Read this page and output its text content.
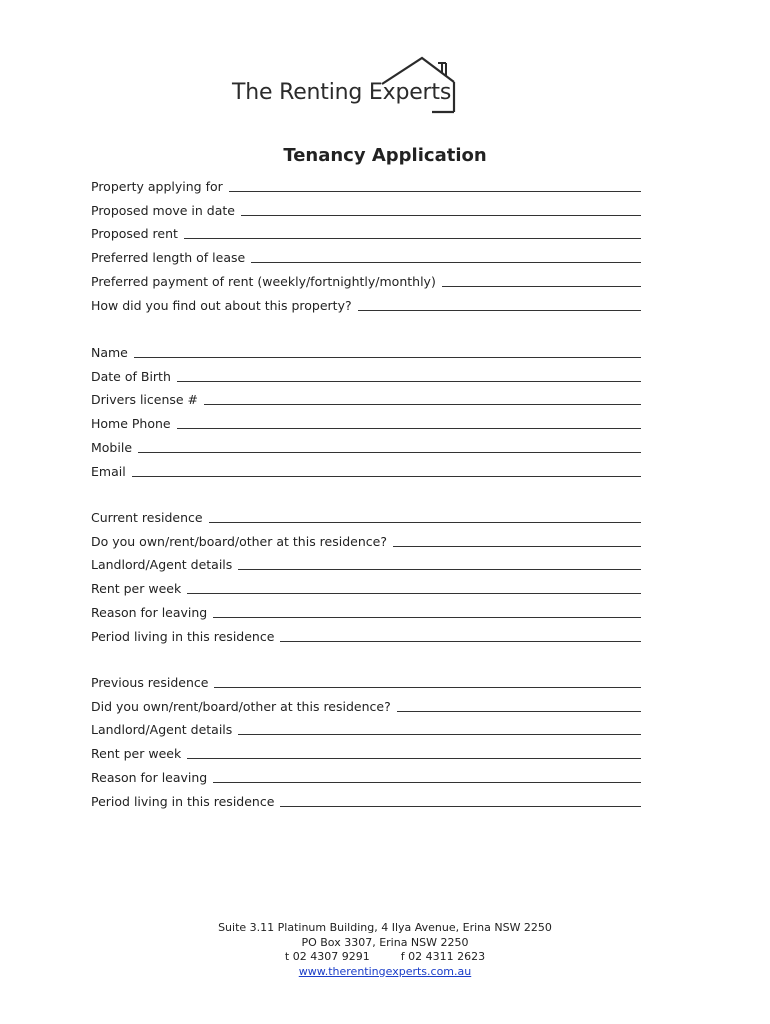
The Renting Experts
Tenancy Application
Property applying for
Proposed move in date
Proposed rent
Preferred length of lease
Preferred payment of rent (weekly/fortnightly/monthly)
How did you find out about this property?
Name
Date of Birth
Drivers license #
Home Phone
Mobile
Email
Current residence
Do you own/rent/board/other at this residence?
Landlord/Agent details
Rent per week
Reason for leaving
Period living in this residence
Previous residence
Did you own/rent/board/other at this residence?
Landlord/Agent details
Rent per week
Reason for leaving
Period living in this residence
Suite 3.11 Platinum Building, 4 Ilya Avenue, Erina NSW 2250
PO Box 3307, Erina NSW 2250
t 02 4307 9291	f 02 4311 2623
www.therentingexperts.com.au
